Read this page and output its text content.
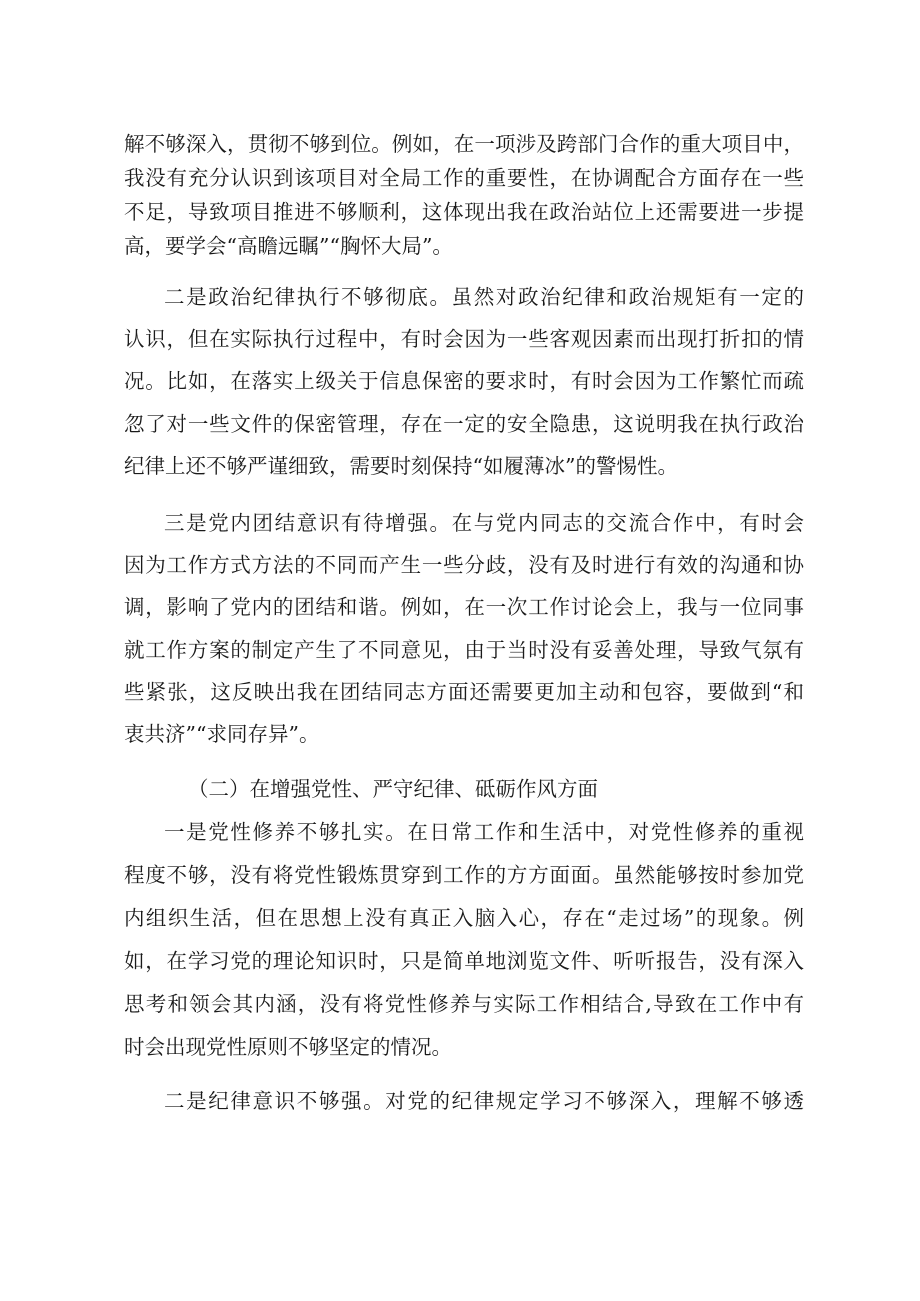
解不够深入，贯彻不够到位。例如，在一项涉及跨部门合作的重大项目中，

我没有充分认识到该项目对全局工作的重要性，在协调配合方面存在一些

不足，导致项目推进不够顺利，这体现出我在政治站位上还需要进一步提

高，要学会“高瞻远瞩”“胸怀大局”。

二是政治纪律执行不够彻底。虽然对政治纪律和政治规矩有一定的

认识，但在实际执行过程中，有时会因为一些客观因素而出现打折扣的情

况。比如，在落实上级关于信息保密的要求时，有时会因为工作繁忙而疏

忽了对一些文件的保密管理，存在一定的安全隐患，这说明我在执行政治

纪律上还不够严谨细致，需要时刻保持“如履薄冰”的警惕性。

三是党内团结意识有待增强。在与党内同志的交流合作中，有时会

因为工作方式方法的不同而产生一些分歧，没有及时进行有效的沟通和协

调，影响了党内的团结和谐。例如，在一次工作讨论会上，我与一位同事

就工作方案的制定产生了不同意见，由于当时没有妥善处理，导致气氛有

些紧张，这反映出我在团结同志方面还需要更加主动和包容，要做到“和

衷共济”“求同存异”。

（二）在增强党性、严守纪律、砥砺作风方面

一是党性修养不够扎实。在日常工作和生活中，对党性修养的重视

程度不够，没有将党性锻炼贯穿到工作的方方面面。虽然能够按时参加党

内组织生活，但在思想上没有真正入脑入心，存在“走过场”的现象。例

如，在学习党的理论知识时，只是简单地浏览文件、听听报告，没有深入

思考和领会其内涵，没有将党性修养与实际工作相结合,导致在工作中有

时会出现党性原则不够坚定的情况。

二是纪律意识不够强。对党的纪律规定学习不够深入，理解不够透
